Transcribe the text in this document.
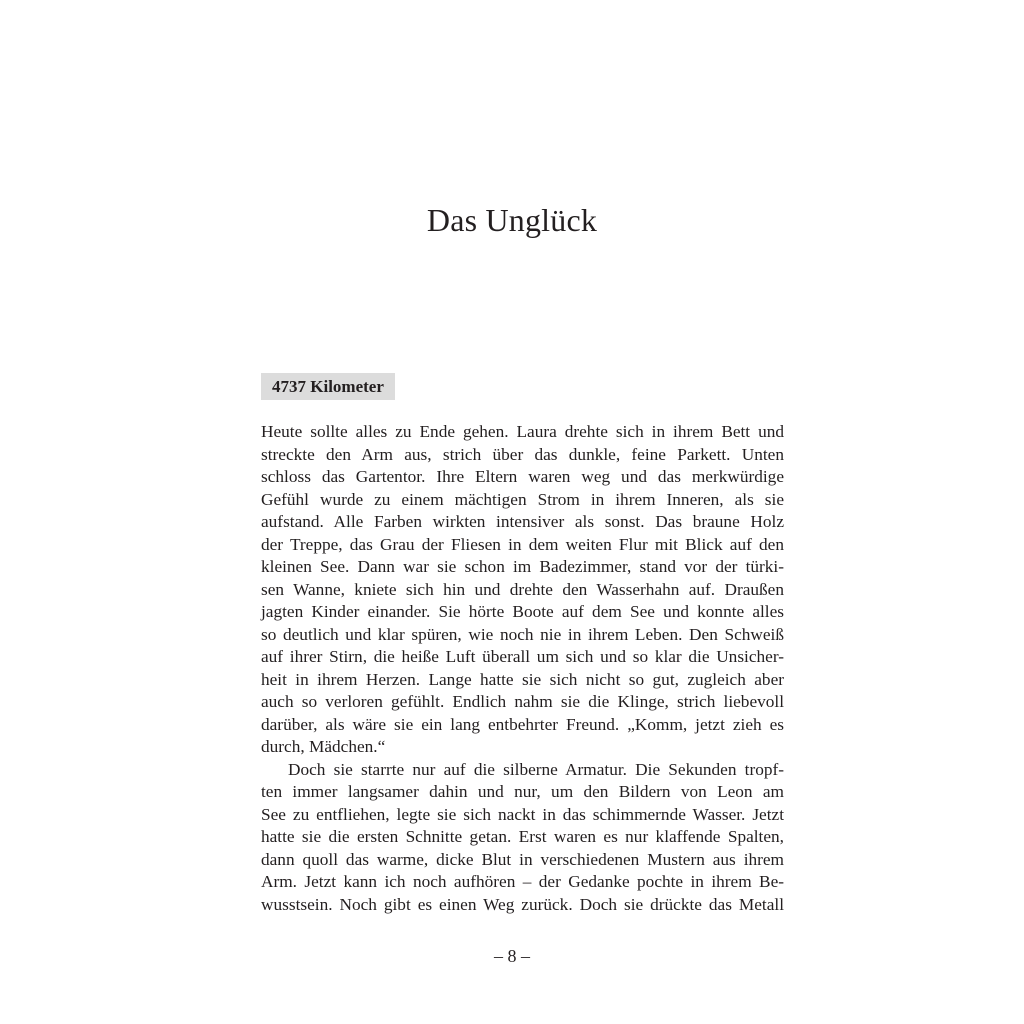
Das Unglück
4737 Kilometer

Heute sollte alles zu Ende gehen. Laura drehte sich in ihrem Bett und

streckte den Arm aus, strich über das dunkle, feine Parkett. Unten

schloss das Gartentor. Ihre Eltern waren weg und das merkwürdige

Gefühl wurde zu einem mächtigen Strom in ihrem Inneren, als sie

aufstand. Alle Farben wirkten intensiver als sonst. Das braune Holz

der Treppe, das Grau der Fliesen in dem weiten Flur mit Blick auf den

kleinen See. Dann war sie schon im Badezimmer, stand vor der türki-

sen Wanne, kniete sich hin und drehte den Wasserhahn auf. Draußen

jagten Kinder einander. Sie hörte Boote auf dem See und konnte alles

so deutlich und klar spüren, wie noch nie in ihrem Leben. Den Schweiß

auf ihrer Stirn, die heiße Luft überall um sich und so klar die Unsicher-

heit in ihrem Herzen. Lange hatte sie sich nicht so gut, zugleich aber

auch so verloren gefühlt. Endlich nahm sie die Klinge, strich liebevoll

darüber, als wäre sie ein lang entbehrter Freund. „Komm, jetzt zieh es

durch, Mädchen.“

Doch sie starrte nur auf die silberne Armatur. Die Sekunden tropf-

ten immer langsamer dahin und nur, um den Bildern von Leon am

See zu entfliehen, legte sie sich nackt in das schimmernde Wasser. Jetzt

hatte sie die ersten Schnitte getan. Erst waren es nur klaffende Spalten,

dann quoll das warme, dicke Blut in verschiedenen Mustern aus ihrem

Arm. Jetzt kann ich noch aufhören – der Gedanke pochte in ihrem Be-

wusstsein. Noch gibt es einen Weg zurück. Doch sie drückte das Metall

– 8 –
